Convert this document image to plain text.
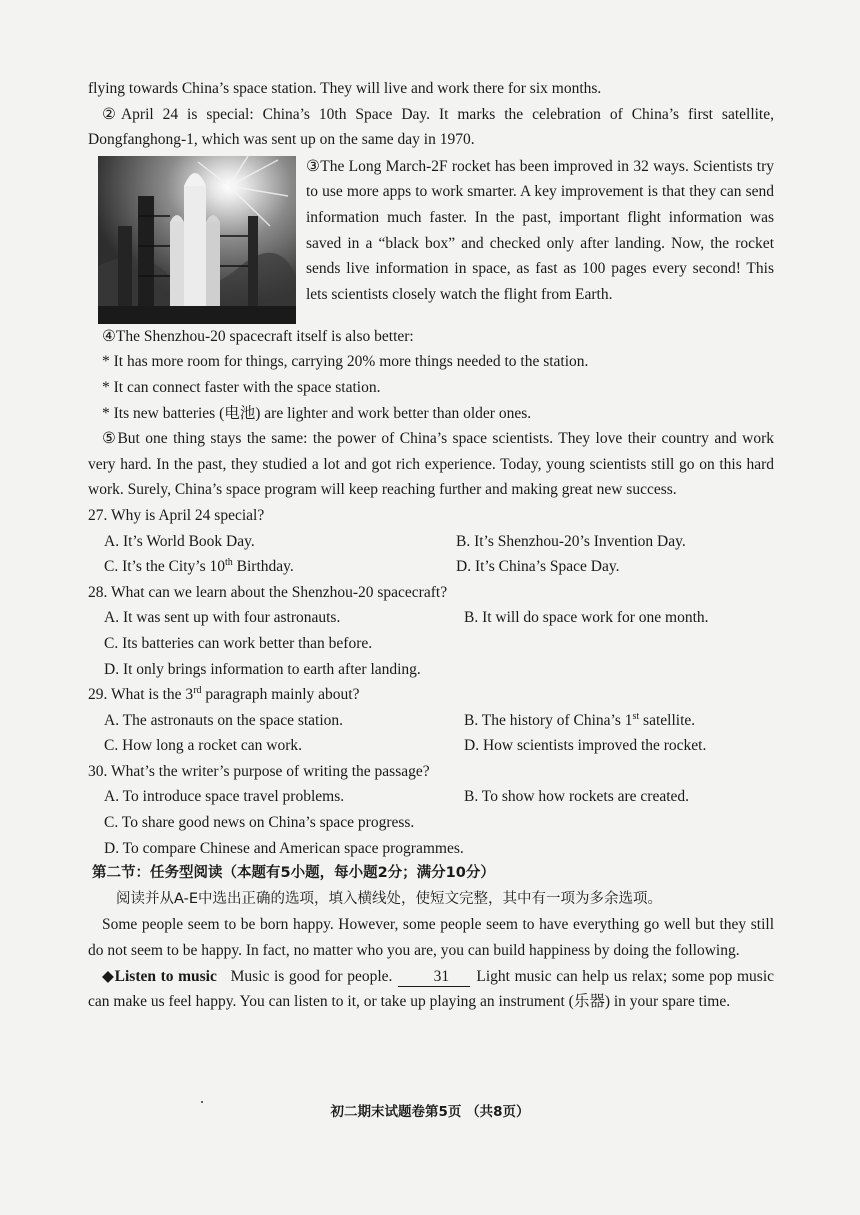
flying towards China’s space station. They will live and work there for six months.

②April 24 is special: China’s 10th Space Day. It marks the celebration of China’s first satellite, Dongfanghong-1, which was sent up on the same day in 1970.

③The Long March-2F rocket has been improved in 32 ways. Scientists try to use more apps to work smarter. A key improvement is that they can send information much faster. In the past, important flight information was saved in a “black box” and checked only after landing. Now, the rocket sends live information in space, as fast as 100 pages every second! This lets scientists closely watch the flight from Earth.

④The Shenzhou-20 spacecraft itself is also better:

* It has more room for things, carrying 20% more things needed to the station.

* It can connect faster with the space station.

* Its new batteries (电池) are lighter and work better than older ones.

⑤But one thing stays the same: the power of China’s space scientists. They love their country and work very hard. In the past, they studied a lot and got rich experience. Today, young scientists still go on this hard work. Surely, China’s space program will keep reaching further and making great new success.

27. Why is April 24 special?

A. It’s World Book Day.	B. It’s Shenzhou-20’s Invention Day.
C. It’s the City’s 10th Birthday.	D. It’s China’s Space Day.

28. What can we learn about the Shenzhou-20 spacecraft?

A. It was sent up with four astronauts.	B. It will do space work for one month.

C. Its batteries can work better than before.

D. It only brings information to earth after landing.

29. What is the 3rd paragraph mainly about?

A. The astronauts on the space station.	B. The history of China’s 1st satellite.
C. How long a rocket can work.	D. How scientists improved the rocket.

30. What’s the writer’s purpose of writing the passage?

A. To introduce space travel problems.	B. To show how rockets are created.

C. To share good news on China’s space progress.

D. To compare Chinese and American space programmes.

第二节：任务型阅读（本题有5小题，每小题2分；满分10分）

阅读并从A-E中选出正确的选项，填入横线处，使短文完整，其中有一项为多余选项。

Some people seem to be born happy. However, some people seem to have everything go well but they still do not seem to be happy. In fact, no matter who you are, you can build happiness by doing the following.

◆Listen to music Music is good for people.	31 Light music can help us relax; some pop music can make us feel happy. You can listen to it, or take up playing an instrument (乐器) in your spare time.

初二期末试题卷第5页 （共8页）
